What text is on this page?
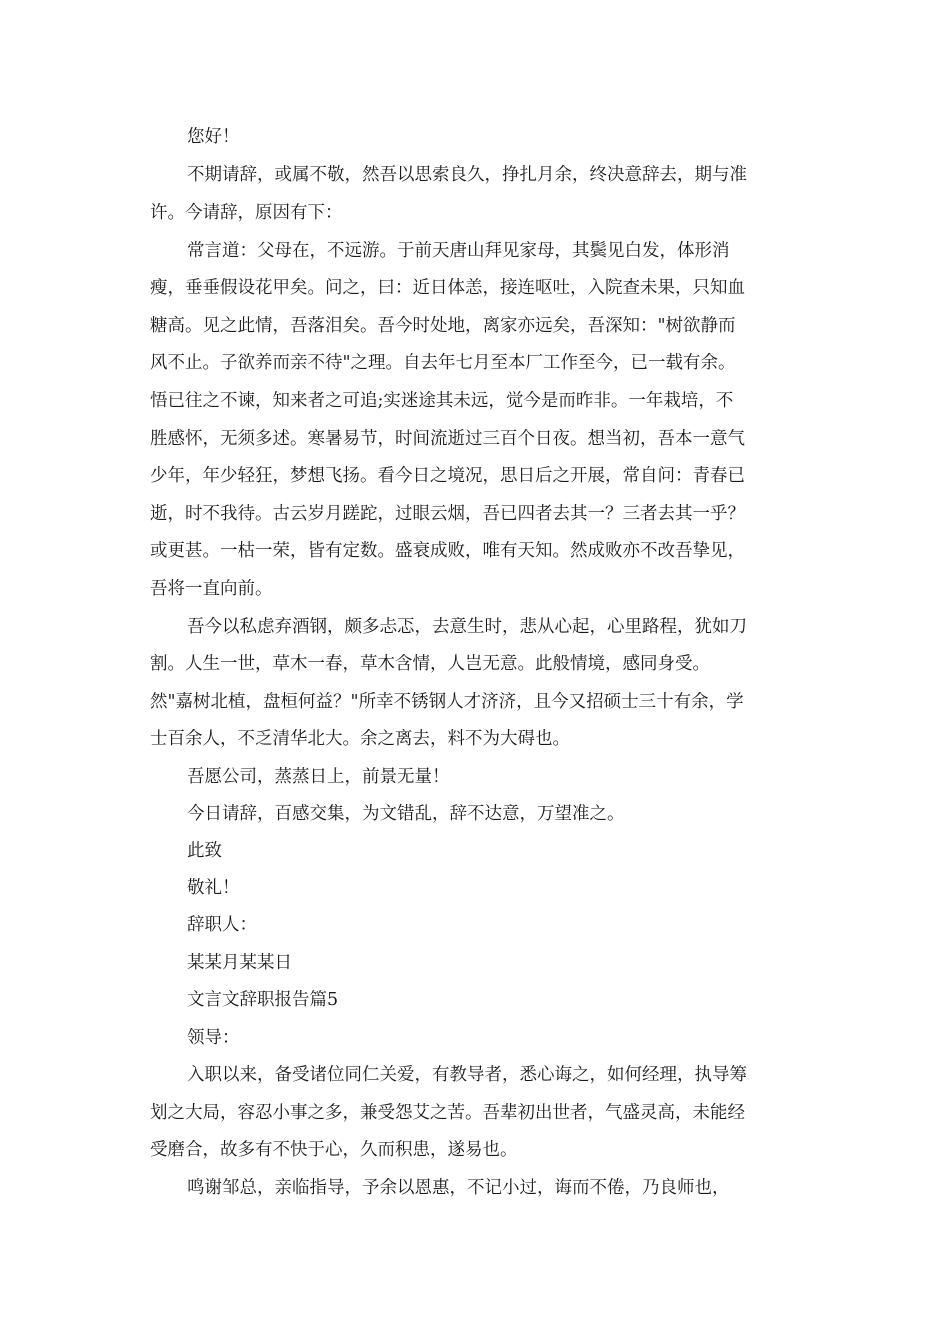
您好！
不期请辞，或属不敬，然吾以思索良久，挣扎月余，终决意辞去，期与准
许。今请辞，原因有下：
常言道：父母在，不远游。于前天唐山拜见家母，其鬓见白发，体形消
瘦，垂垂假设花甲矣。问之，曰：近日体恙，接连呕吐，入院查未果，只知血
糖高。见之此情，吾落泪矣。吾今时处地，离家亦远矣，吾深知："树欲静而
风不止。子欲养而亲不待"之理。自去年七月至本厂工作至今，已一载有余。
悟已往之不谏，知来者之可追;实迷途其未远，觉今是而昨非。一年栽培，不
胜感怀，无须多述。寒暑易节，时间流逝过三百个日夜。想当初，吾本一意气
少年，年少轻狂，梦想飞扬。看今日之境况，思日后之开展，常自问：青春已
逝，时不我待。古云岁月蹉跎，过眼云烟，吾已四者去其一？三者去其一乎？
或更甚。一枯一荣，皆有定数。盛衰成败，唯有天知。然成败亦不改吾挚见，
吾将一直向前。
吾今以私虑弃酒钢，颇多忐忑，去意生时，悲从心起，心里路程，犹如刀
割。人生一世，草木一春，草木含情，人岂无意。此般情境，感同身受。
然"嘉树北植，盘桓何益？"所幸不锈钢人才济济，且今又招硕士三十有余，学
士百余人，不乏清华北大。余之离去，料不为大碍也。
吾愿公司，蒸蒸日上，前景无量！
今日请辞，百感交集，为文错乱，辞不达意，万望准之。
此致
敬礼！
辞职人：
某某月某某日
文言文辞职报告篇5
领导：
入职以来，备受诸位同仁关爱，有教导者，悉心诲之，如何经理，执导筹
划之大局，容忍小事之多，兼受怨艾之苦。吾辈初出世者，气盛灵高，未能经
受磨合，故多有不快于心，久而积患，遂易也。
鸣谢邹总，亲临指导，予余以恩惠，不记小过，诲而不倦，乃良师也，
